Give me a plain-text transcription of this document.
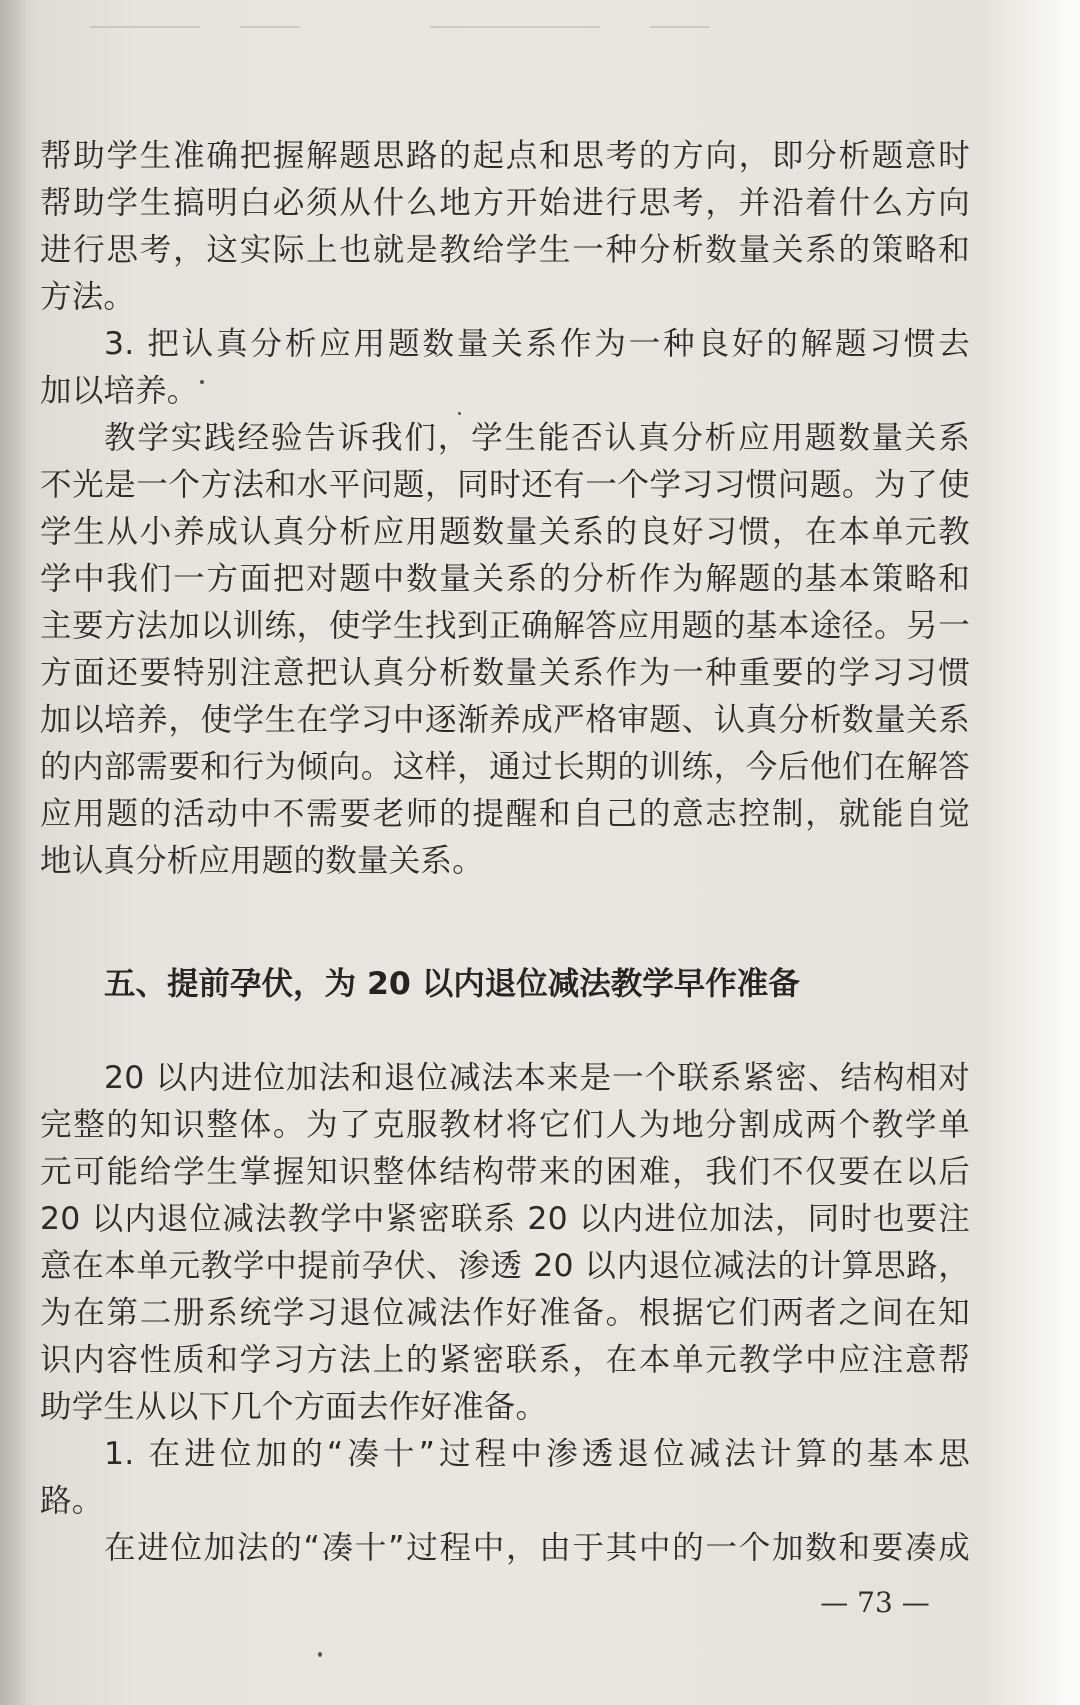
帮助学生准确把握解题思路的起点和思考的方向，即分析题意时
帮助学生搞明白必须从什么地方开始进行思考，并沿着什么方向
进行思考，这实际上也就是教给学生一种分析数量关系的策略和
方法。
3. 把认真分析应用题数量关系作为一种良好的解题习惯去
加以培养。
教学实践经验告诉我们，学生能否认真分析应用题数量关系
不光是一个方法和水平问题，同时还有一个学习习惯问题。为了使
学生从小养成认真分析应用题数量关系的良好习惯，在本单元教
学中我们一方面把对题中数量关系的分析作为解题的基本策略和
主要方法加以训练，使学生找到正确解答应用题的基本途径。另一
方面还要特别注意把认真分析数量关系作为一种重要的学习习惯
加以培养，使学生在学习中逐渐养成严格审题、认真分析数量关系
的内部需要和行为倾向。这样，通过长期的训练，今后他们在解答
应用题的活动中不需要老师的提醒和自己的意志控制，就能自觉
地认真分析应用题的数量关系。
五、提前孕伏，为 20 以内退位减法教学早作准备
20 以内进位加法和退位减法本来是一个联系紧密、结构相对
完整的知识整体。为了克服教材将它们人为地分割成两个教学单
元可能给学生掌握知识整体结构带来的困难，我们不仅要在以后
20 以内退位减法教学中紧密联系 20 以内进位加法，同时也要注
意在本单元教学中提前孕伏、渗透 20 以内退位减法的计算思路，
为在第二册系统学习退位减法作好准备。根据它们两者之间在知
识内容性质和学习方法上的紧密联系，在本单元教学中应注意帮
助学生从以下几个方面去作好准备。
1. 在进位加的“凑十”过程中渗透退位减法计算的基本思
路。
在进位加法的“凑十”过程中，由于其中的一个加数和要凑成
— 73 —
